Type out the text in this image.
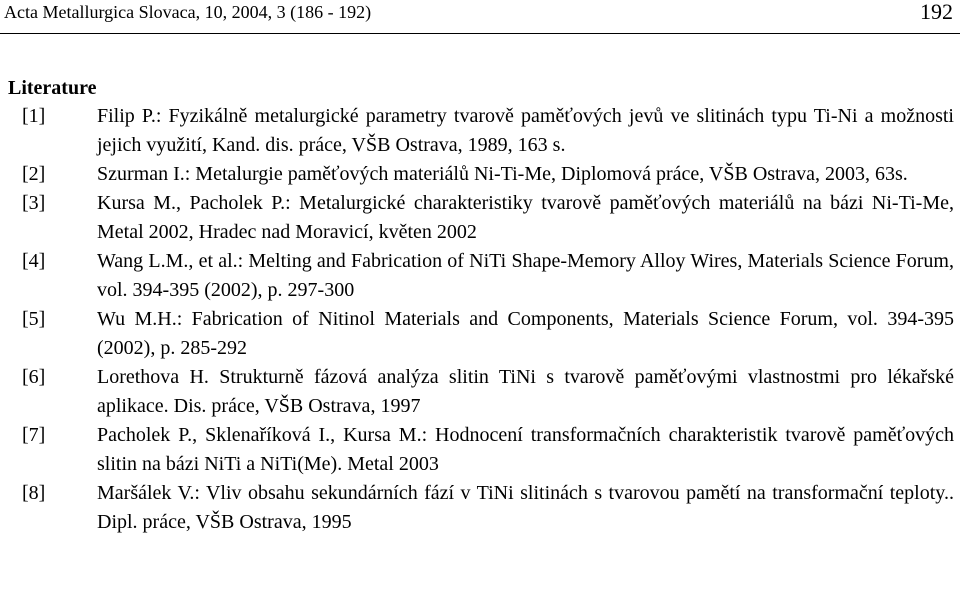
Acta Metallurgica Slovaca, 10, 2004, 3 (186 - 192)	192
Literature
[1]	Filip P.: Fyzikálně metalurgické parametry tvarově paměťových jevů ve slitinách typu Ti-Ni a možnosti jejich využití, Kand. dis. práce, VŠB Ostrava, 1989, 163 s.
[2]	Szurman I.: Metalurgie paměťových materiálů Ni-Ti-Me, Diplomová práce, VŠB Ostrava, 2003, 63s.
[3]	Kursa M., Pacholek P.: Metalurgické charakteristiky tvarově paměťových materiálů na bázi Ni-Ti-Me, Metal 2002, Hradec nad Moravicí, květen 2002
[4]	Wang L.M., et al.: Melting and Fabrication of NiTi Shape-Memory Alloy Wires, Materials Science Forum, vol. 394-395 (2002), p. 297-300
[5]	Wu M.H.: Fabrication of Nitinol Materials and Components, Materials Science Forum, vol. 394-395 (2002), p. 285-292
[6]	Lorethova H. Strukturně fázová analýza slitin TiNi s tvarově paměťovými vlastnostmi pro lékařské aplikace. Dis. práce, VŠB Ostrava, 1997
[7]	Pacholek P., Sklenaříková I., Kursa M.: Hodnocení transformačních charakteristik tvarově paměťových slitin na bázi NiTi a NiTi(Me). Metal 2003
[8]	Maršálek V.: Vliv obsahu sekundárních fází v TiNi slitinách s tvarovou pamětí na transformační teploty.. Dipl. práce, VŠB Ostrava, 1995
